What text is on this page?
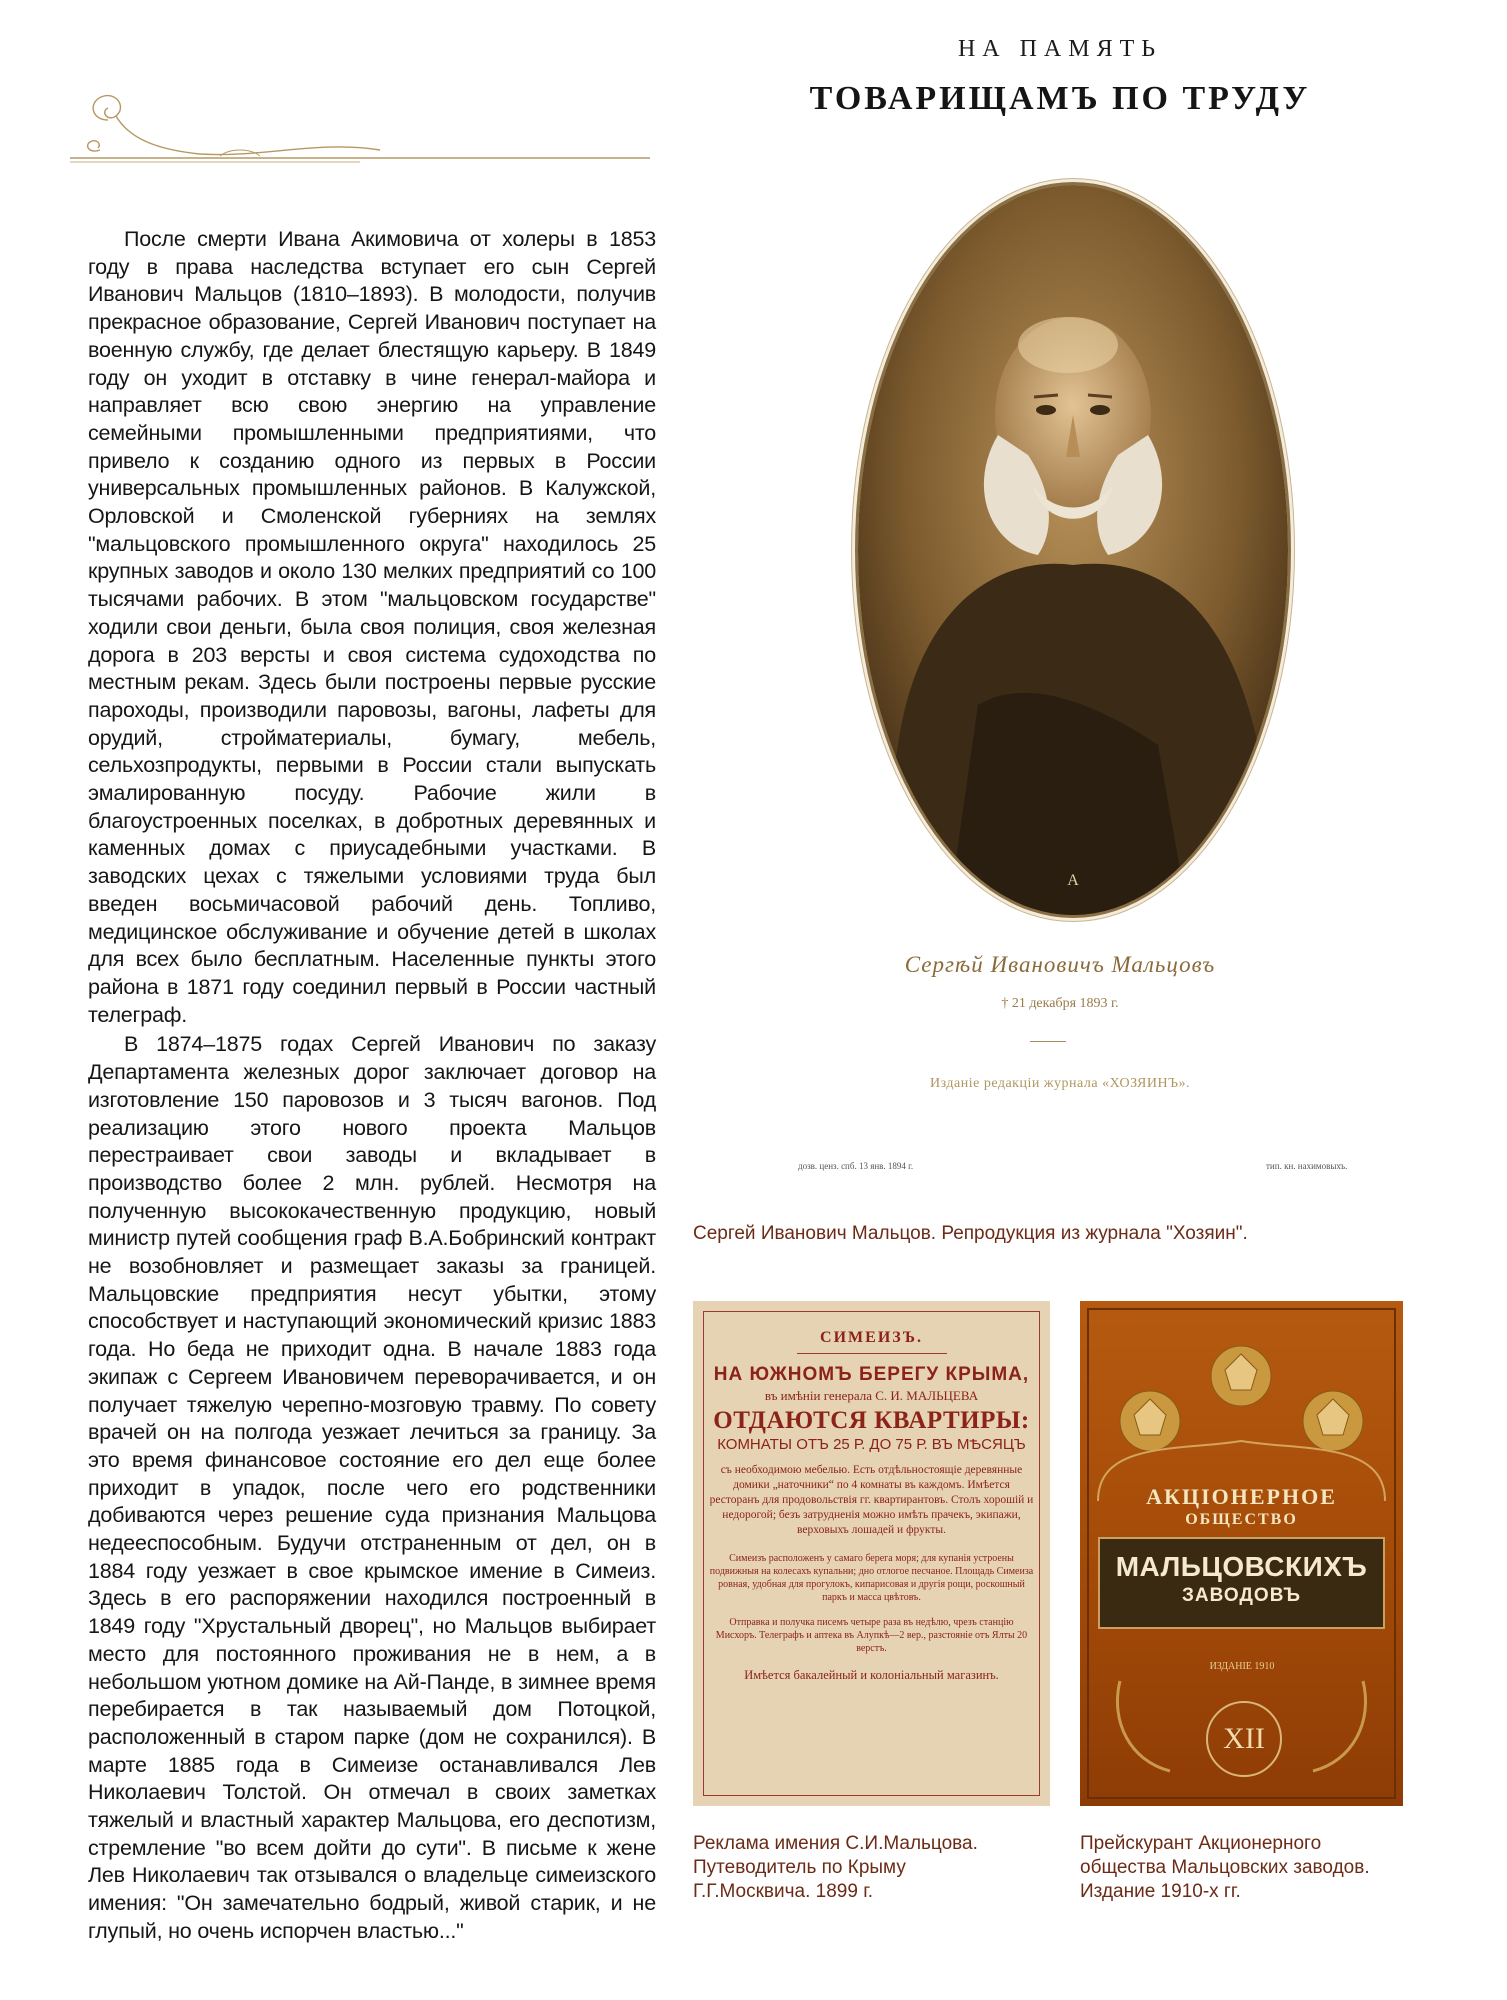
После смерти Ивана Акимовича от холеры в 1853 году в права наследства вступает его сын Сергей Иванович Мальцов (1810–1893). В молодости, получив прекрасное образование, Сергей Иванович поступает на военную службу, где делает блестящую карьеру. В 1849 году он уходит в отставку в чине генерал-майора и направляет всю свою энергию на управление семейными промышленными предприятиями, что привело к созданию одного из первых в России универсальных промышленных районов. В Калужской, Орловской и Смоленской губерниях на землях "мальцовского промышленного округа" находилось 25 крупных заводов и около 130 мелких предприятий со 100 тысячами рабочих. В этом "мальцовском государстве" ходили свои деньги, была своя полиция, своя железная дорога в 203 версты и своя система судоходства по местным рекам. Здесь были построены первые русские пароходы, производили паровозы, вагоны, лафеты для орудий, стройматериалы, бумагу, мебель, сельхозпродукты, первыми в России стали выпускать эмалированную посуду. Рабочие жили в благоустроенных поселках, в добротных деревянных и каменных домах с приусадебными участками. В заводских цехах с тяжелыми условиями труда был введен восьмичасовой рабочий день. Топливо, медицинское обслуживание и обучение детей в школах для всех было бесплатным. Населенные пункты этого района в 1871 году соединил первый в России частный телеграф.

В 1874–1875 годах Сергей Иванович по заказу Департамента железных дорог заключает договор на изготовление 150 паровозов и 3 тысяч вагонов. Под реализацию этого нового проекта Мальцов перестраивает свои заводы и вкладывает в производство более 2 млн. рублей. Несмотря на полученную высококачественную продукцию, новый министр путей сообщения граф В.А.Бобринский контракт не возобновляет и размещает заказы за границей. Мальцовские предприятия несут убытки, этому способствует и наступающий экономический кризис 1883 года. Но беда не приходит одна. В начале 1883 года экипаж с Сергеем Ивановичем переворачивается, и он получает тяжелую черепно-мозговую травму. По совету врачей он на полгода уезжает лечиться за границу. За это время финансовое состояние его дел еще более приходит в упадок, после чего его родственники добиваются через решение суда признания Мальцова недееспособным. Будучи отстраненным от дел, он в 1884 году уезжает в свое крымское имение в Симеиз. Здесь в его распоряжении находился построенный в 1849 году "Хрустальный дворец", но Мальцов выбирает место для постоянного проживания не в нем, а в небольшом уютном домике на Ай-Панде, в зимнее время перебирается в так называемый дом Потоцкой, расположенный в старом парке (дом не сохранился). В марте 1885 года в Симеизе останавливался Лев Николаевич Толстой. Он отмечал в своих заметках тяжелый и властный характер Мальцова, его деспотизм, стремление "во всем дойти до сути". В письме к жене Лев Николаевич так отзывался о владельце симеизского имения: "Он замечательно бодрый, живой старик, и не глупый, но очень испорчен властью..."

НА ПАМЯТЬ
ТОВАРИЩАМЪ ПО ТРУДУ
A
Сергѣй Ивановичъ Мальцовъ
† 21 декабря 1893 г.
Изданіе редакціи журнала «ХОЗЯИНЪ».
дозв. ценз. спб. 13 янв. 1894 г.	тип. кн. нахимовыхъ.
Сергей Иванович Мальцов. Репродукция из журнала "Хозяин".
СИМЕИЗЪ.
НА ЮЖНОМЪ БЕРЕГУ КРЫМА,
въ имѣніи генерала С. И. МАЛЬЦЕВА
ОТДАЮТСЯ КВАРТИРЫ:
КОМНАТЫ ОТЪ 25 Р. ДО 75 Р. ВЪ МѢСЯЦЪ
съ необходимою мебелью. Есть отдѣльностоящіе деревянные домики „наточники“ по 4 комнаты въ каждомъ. Имѣется ресторанъ для продовольствія гг. квартирантовъ. Столъ хорошій и недорогой; безъ затрудненія можно имѣть прачекъ, экипажи, верховыхъ лошадей и фрукты.
Симеизъ расположенъ у самаго берега моря; для купанія устроены подвижныя на колесахъ купальни; дно отлогое песчаное. Площадь Симеиза ровная, удобная для прогулокъ, кипарисовая и другія рощи, роскошный паркъ и масса цвѣтовъ.
Отправка и получка писемъ четыре раза въ недѣлю, чрезъ станцію Мисхоръ. Телеграфъ и аптека въ Алупкѣ—2 вер., разстояніе отъ Ялты 20 верстъ.
Имѣется бакалейный и колоніальный магазинъ.
Реклама имения С.И.Мальцова. Путеводитель по Крыму Г.Г.Москвича. 1899 г.
АКЦІОНЕРНОЕ
ОБЩЕСТВО
МАЛЬЦОВСКИХЪ
ЗАВОДОВЪ
ИЗДАНІЕ 1910
XII
Прейскурант Акционерного общества Мальцовских заводов. Издание 1910-х гг.
